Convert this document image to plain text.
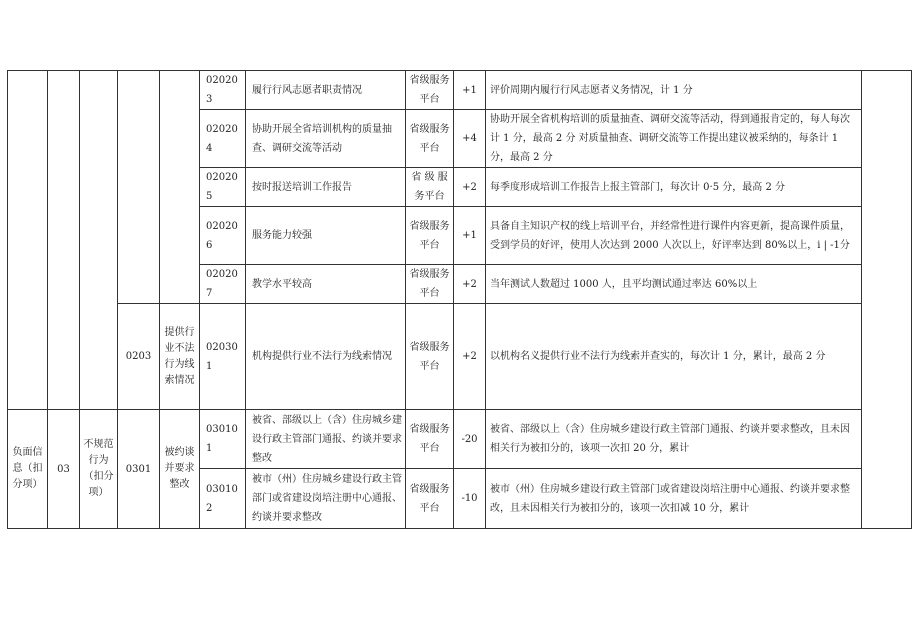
					020203	履行行风志愿者职责情况	省级服务平台	+1	评价周期内履行行风志愿者义务情况，计 1 分	
					020204	协助开展全省培训机构的质量抽查、调研交流等活动	省级服务平台	+4	协助开展全省机构培训的质量抽查、调研交流等活动，得到通报肯定的，每人每次计 1 分，最高 2 分 对质量抽查、调研交流等工作提出建议被采纳的，每条计 1 分，最高 2 分	
					020205	按时报送培训工作报告	省 级 服 务平台	+2	每季度形成培训工作报告上报主管部门，每次计 0·5 分，最高 2 分	
					020206	服务能力较强	省级服务平台	+1	具备自主知识产权的线上培训平台，并经常性进行课件内容更新，提高课件质量，受到学员的好评，使用人次达到 2000 人次以上，好评率达到 80%以上，i | -1分	
					020207	教学水平较高	省级服务平台	+2	当年测试人数超过 1000 人，且平均测试通过率达 60%以上	
			0203	提供行业不法行为线索情况	020301	机构提供行业不法行为线索情况	省级服务平台	+2	以机构名义提供行业不法行为线索并查实的，每次计 1 分，累计，最高 2 分	
负面信息（扣分项）	03	不规范行为（扣分项）	0301	被约谈并要求整改	030101	被省、部级以上（含）住房城乡建设行政主管部门通报、约谈并要求整改	省级服务平台	-20	被省、部级以上（含）住房城乡建设行政主管部门通报、约谈并要求整改，且未因相关行为被扣分的，该项一次扣 20 分，累计	
					030102	被市（州）住房城乡建设行政主管部门或省建设岗培注册中心通报、约谈并要求整改	省级服务平台	-10	被市（州）住房城乡建设行政主管部门或省建设岗培注册中心通报、约谈并要求整改，且未因相关行为被扣分的，该项一次扣减 10 分，累计	
